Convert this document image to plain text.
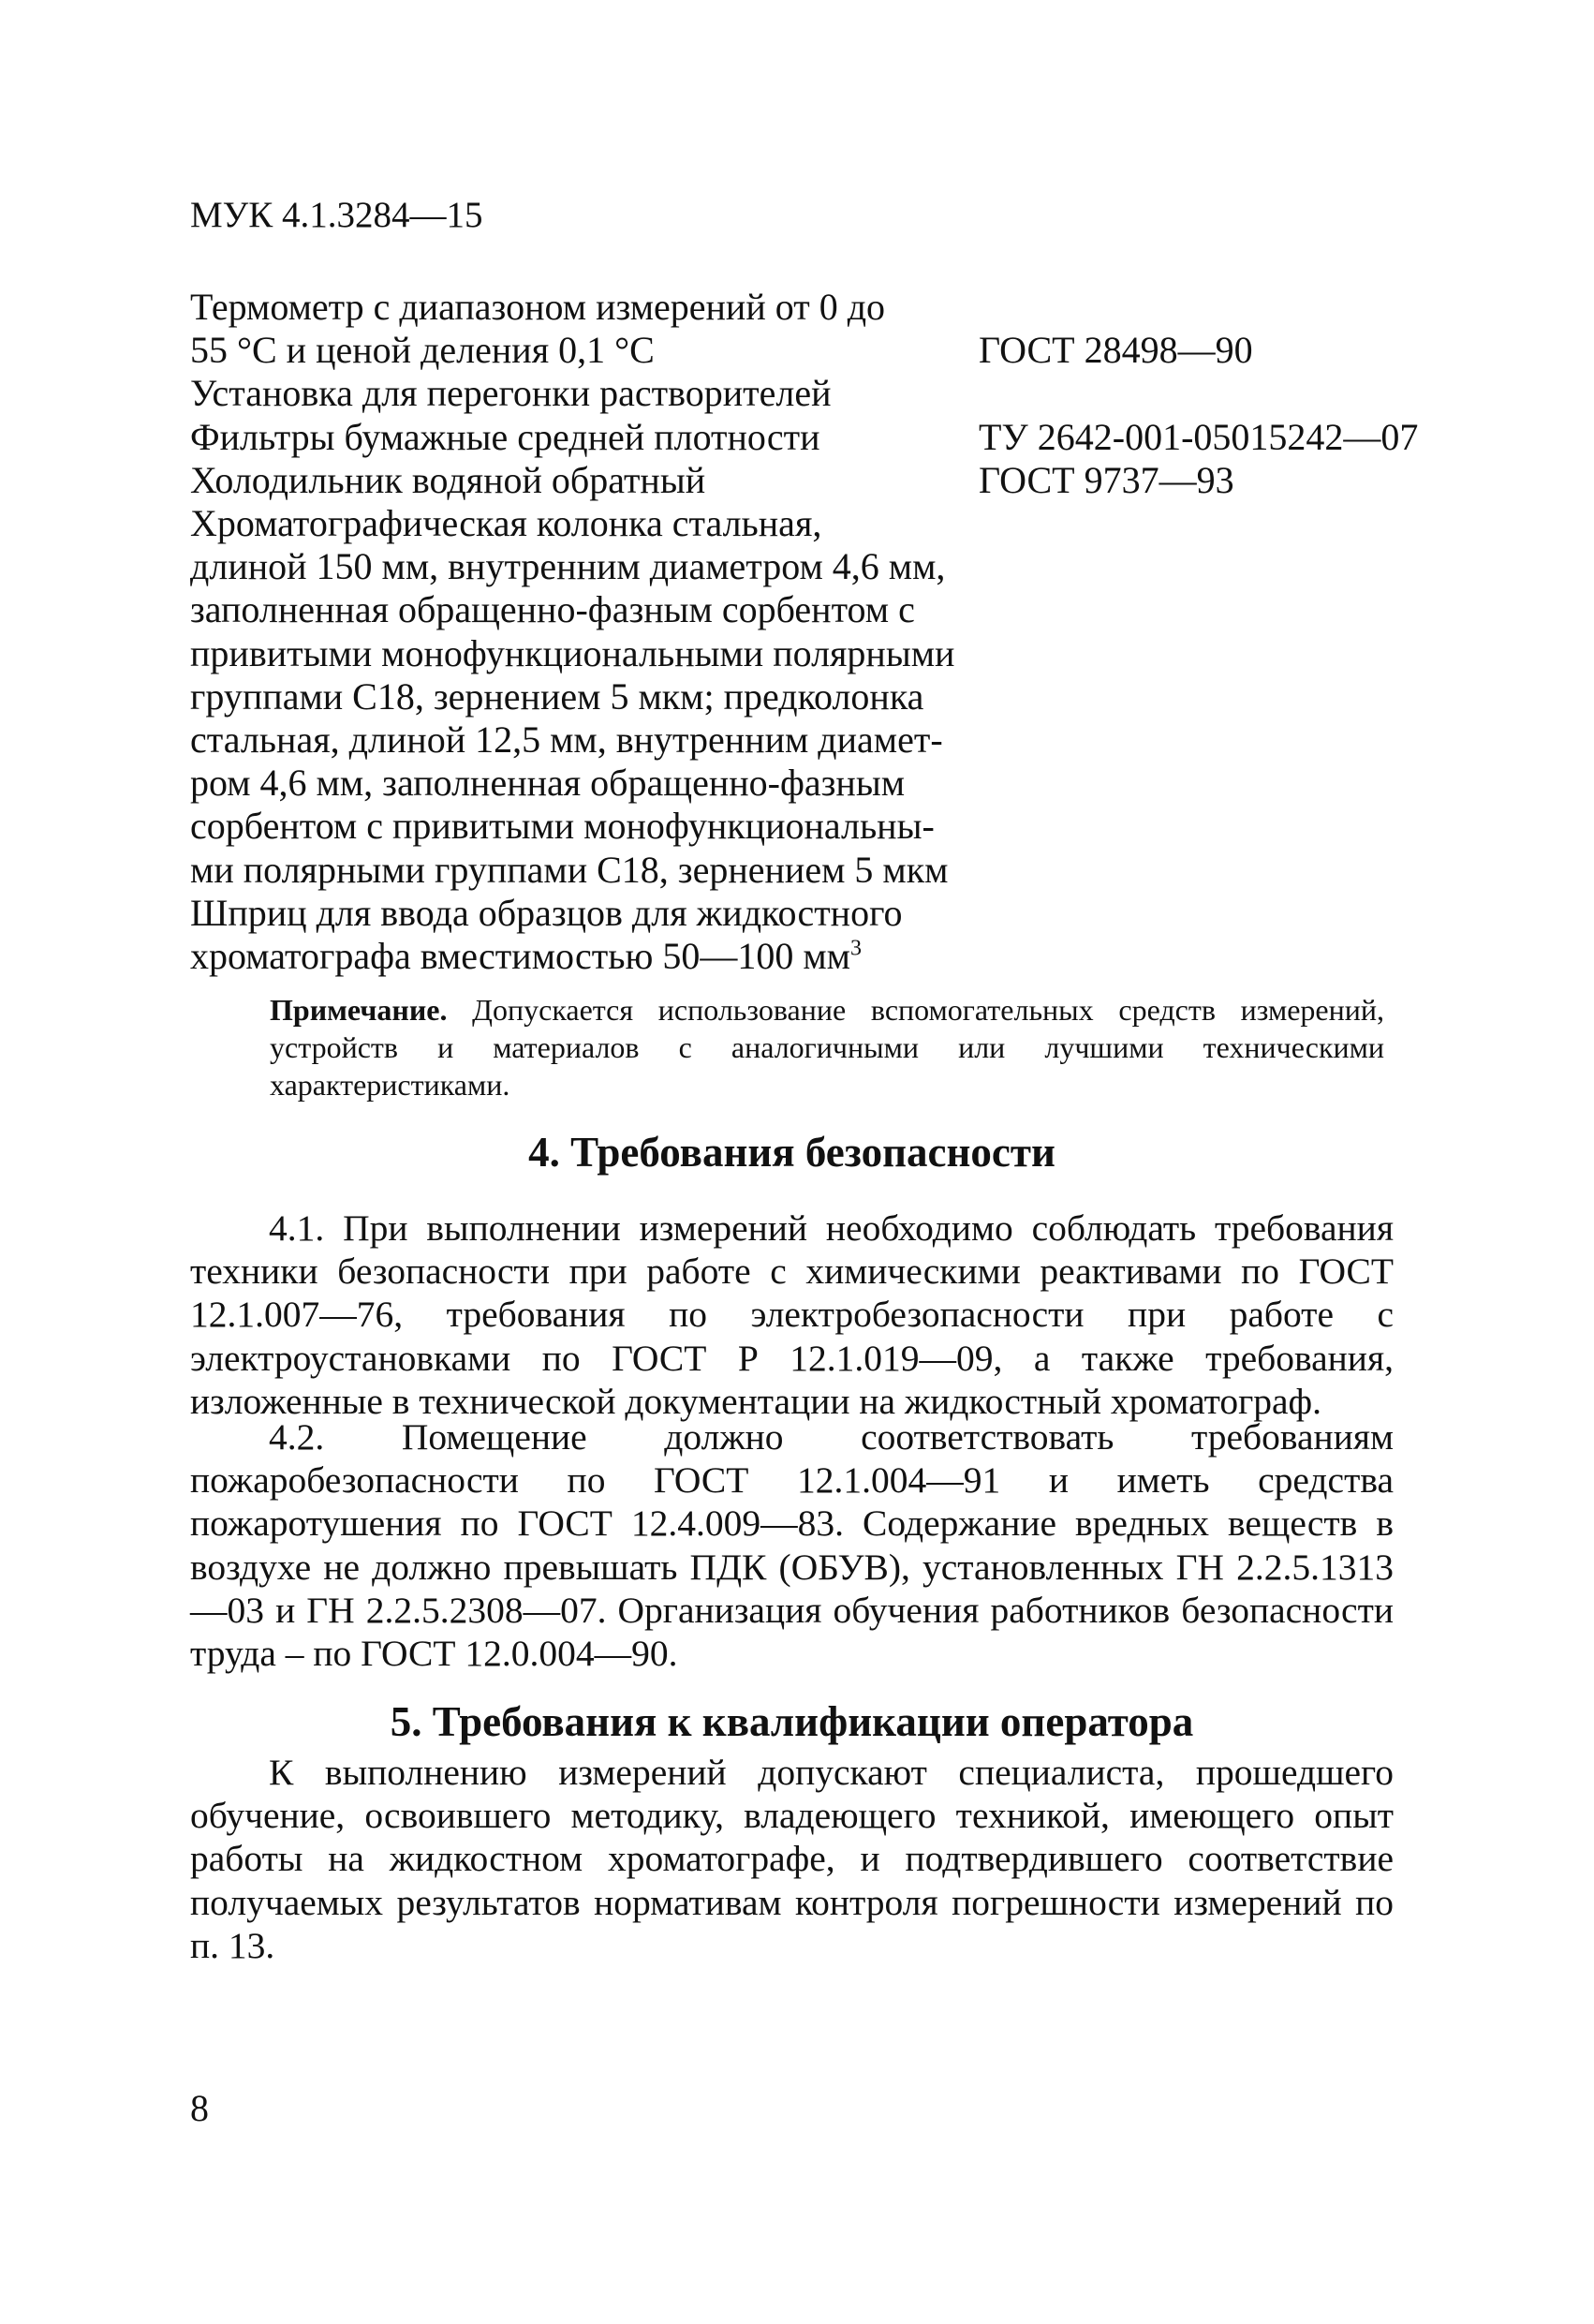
МУК 4.1.3284—15
Термометр с диапазоном измерений от 0 до
55 °С и ценой деления 0,1 °С	ГОСТ 28498—90
Установка для перегонки растворителей
Фильтры бумажные средней плотности	ТУ 2642-001-05015242—07
Холодильник водяной обратный	ГОСТ 9737—93
Хроматографическая колонка стальная,
длиной 150 мм, внутренним диаметром 4,6 мм,
заполненная обращенно-фазным сорбентом с
привитыми монофункциональными полярными
группами C18, зернением 5 мкм; предколонка
стальная, длиной 12,5 мм, внутренним диамет-
ром 4,6 мм, заполненная обращенно-фазным
сорбентом с привитыми монофункциональны-
ми полярными группами C18, зернением 5 мкм
Шприц для ввода образцов для жидкостного
хроматографа вместимостью 50—100 $мм^3$
Примечание. Допускается использование вспомогательных средств измерений, устройств и материалов с аналогичными или лучшими техническими характеристиками.
4. Требования безопасности
4.1. При выполнении измерений необходимо соблюдать требования техники безопасности при работе с химическими реактивами по ГОСТ 12.1.007—76, требования по электробезопасности при работе с электроустановками по ГОСТ Р 12.1.019—09, а также требования, изложенные в технической документации на жидкостный хроматограф.
4.2. Помещение должно соответствовать требованиям пожаробезопасности по ГОСТ 12.1.004—91 и иметь средства пожаротушения по ГОСТ 12.4.009—83. Содержание вредных веществ в воздухе не должно превышать ПДК (ОБУВ), установленных ГН 2.2.5.1313—03 и ГН 2.2.5.2308—07. Организация обучения работников безопасности труда – по ГОСТ 12.0.004—90.
5. Требования к квалификации оператора
К выполнению измерений допускают специалиста, прошедшего обучение, освоившего методику, владеющего техникой, имеющего опыт работы на жидкостном хроматографе, и подтвердившего соответствие получаемых результатов нормативам контроля погрешности измерений по п. 13.
8
